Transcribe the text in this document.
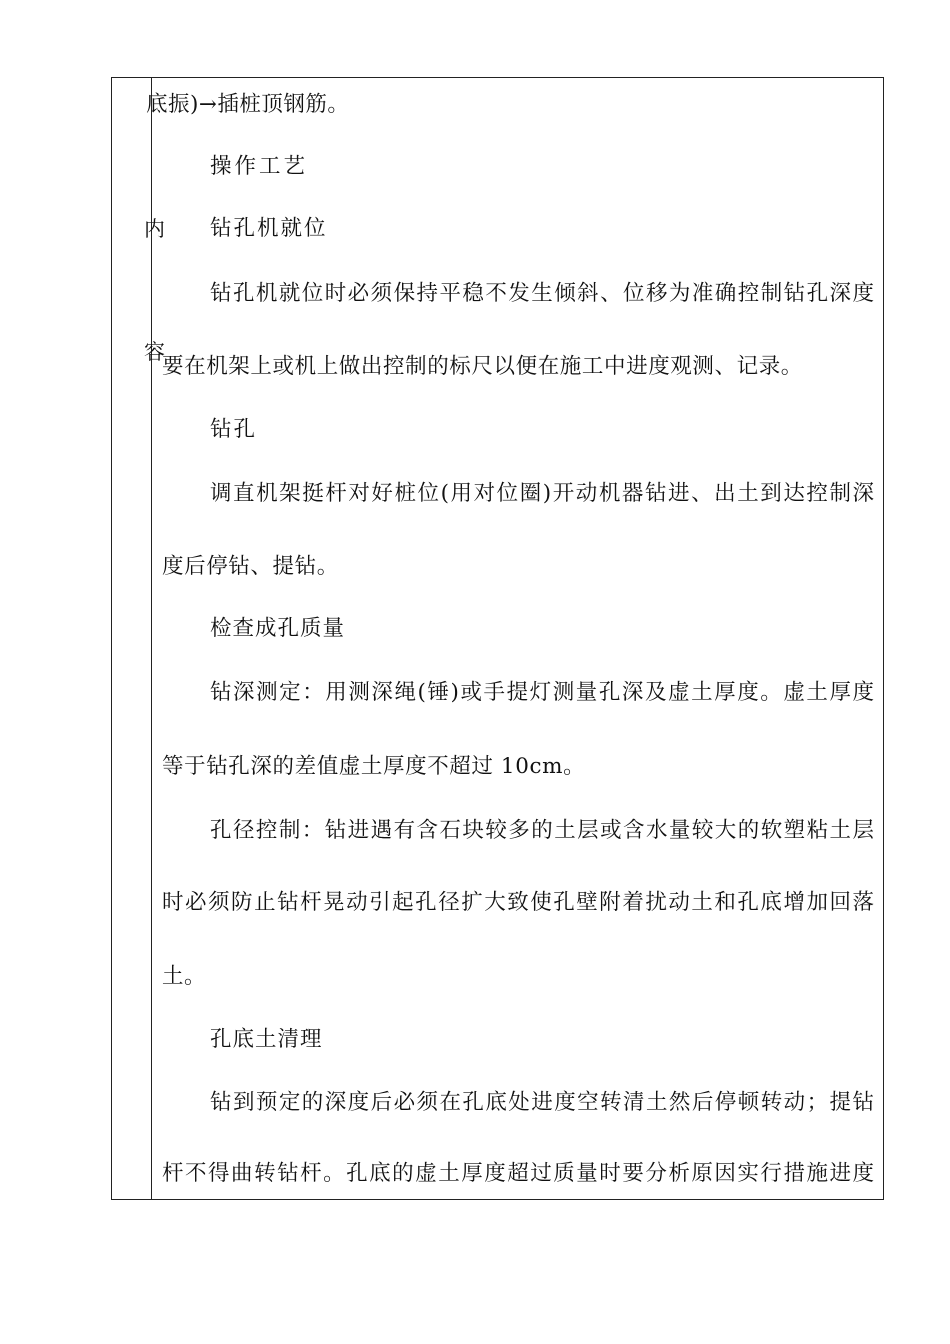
内
容
底振)→插桩顶钢筋。
操作工艺
钻孔机就位
钻孔机就位时必须保持平稳不发生倾斜、位移为准确控制钻孔深度
要在机架上或机上做出控制的标尺以便在施工中进度观测、记录。
钻孔
调直机架挺杆对好桩位(用对位圈)开动机器钻进、出土到达控制深
度后停钻、提钻。
检查成孔质量
钻深测定：用测深绳(锤)或手提灯测量孔深及虚土厚度。虚土厚度
等于钻孔深的差值虚土厚度不超过 10cm。
孔径控制：钻进遇有含石块较多的土层或含水量较大的软塑粘土层
时必须防止钻杆晃动引起孔径扩大致使孔壁附着扰动土和孔底增加回落
土。
孔底土清理
钻到预定的深度后必须在孔底处进度空转清土然后停顿转动；提钻
杆不得曲转钻杆。孔底的虚土厚度超过质量时要分析原因实行措施进度
